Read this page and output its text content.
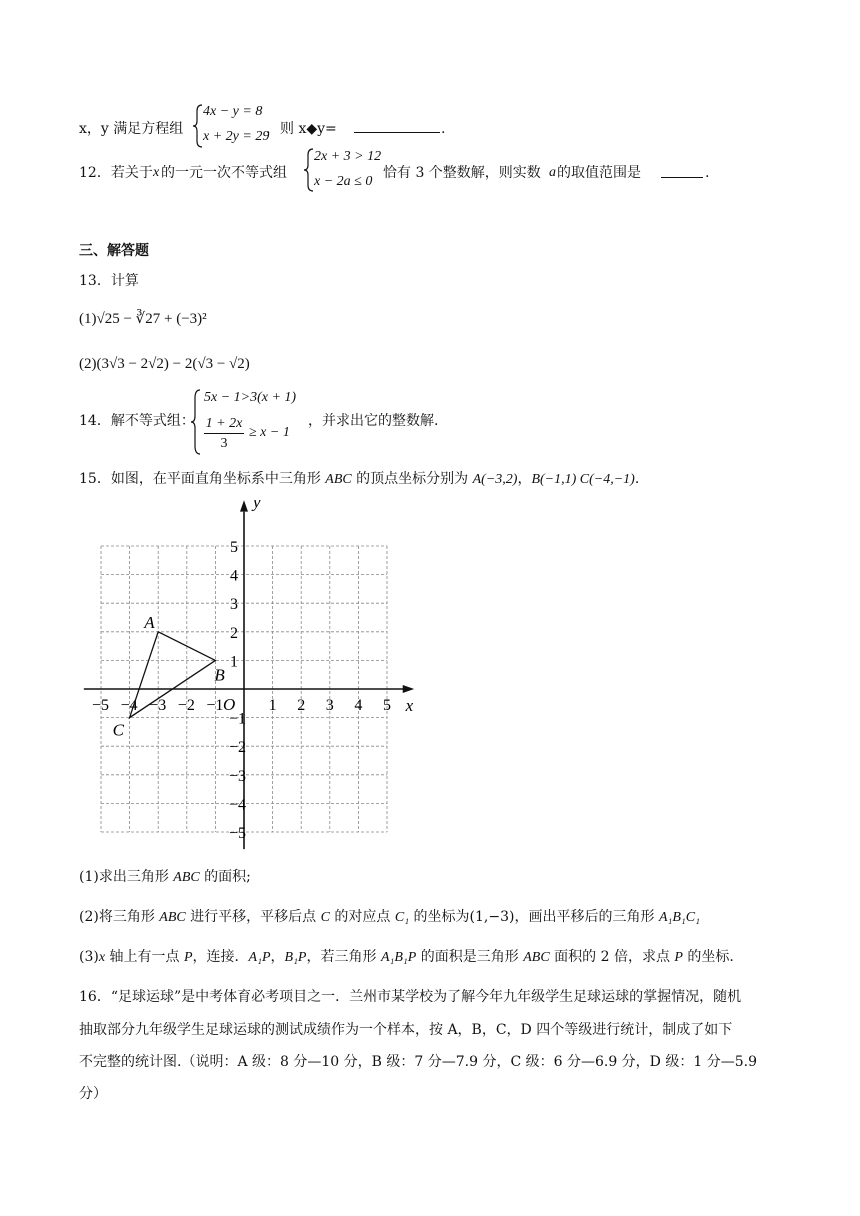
x，y 满足方程组
4x − y = 8
x + 2y = 29
，则 x◆y=	.
12．若关于 x 的一元一次不等式组
2x + 3 > 12
x − 2a ≤ 0
恰有 3 个整数解，则实数 a 的取值范围是	.
三、解答题
13．计算
(1)√25 − ∛27 + (−3)²
(2)(3√3 − 2√2) − 2(√3 − √2)
14．解不等式组：
5x − 1>3(x + 1)
1 + 2x
3
≥ x − 1
，并求出它的整数解.
15．如图，在平面直角坐标系中三角形 ABC 的顶点坐标分别为 A(−3,2)，B(−1,1) C(−4,−1).
x
y
O
−5 −4 −3 −2 −1	1 2 3 4 5
5
4
3
2
1
−1
−2
−3
−4
−5
A
B
C
(1)求出三角形 ABC 的面积;
(2)将三角形 ABC 进行平移，平移后点 C 的对应点 C₁ 的坐标为(1,−3)，画出平移后的三角形 A₁B₁C₁
(3)x 轴上有一点 P，连接．A₁P，B₁P，若三角形 A₁B₁P 的面积是三角形 ABC 面积的 2 倍，求点 P 的坐标.
16．“足球运球”是中考体育必考项目之一．兰州市某学校为了解今年九年级学生足球运球的掌握情况，随机
抽取部分九年级学生足球运球的测试成绩作为一个样本，按 A，B，C，D 四个等级进行统计，制成了如下
不完整的统计图.（说明：A 级：8 分—10 分，B 级：7 分—7.9 分，C 级：6 分—6.9 分，D 级：1 分—5.9
分）
